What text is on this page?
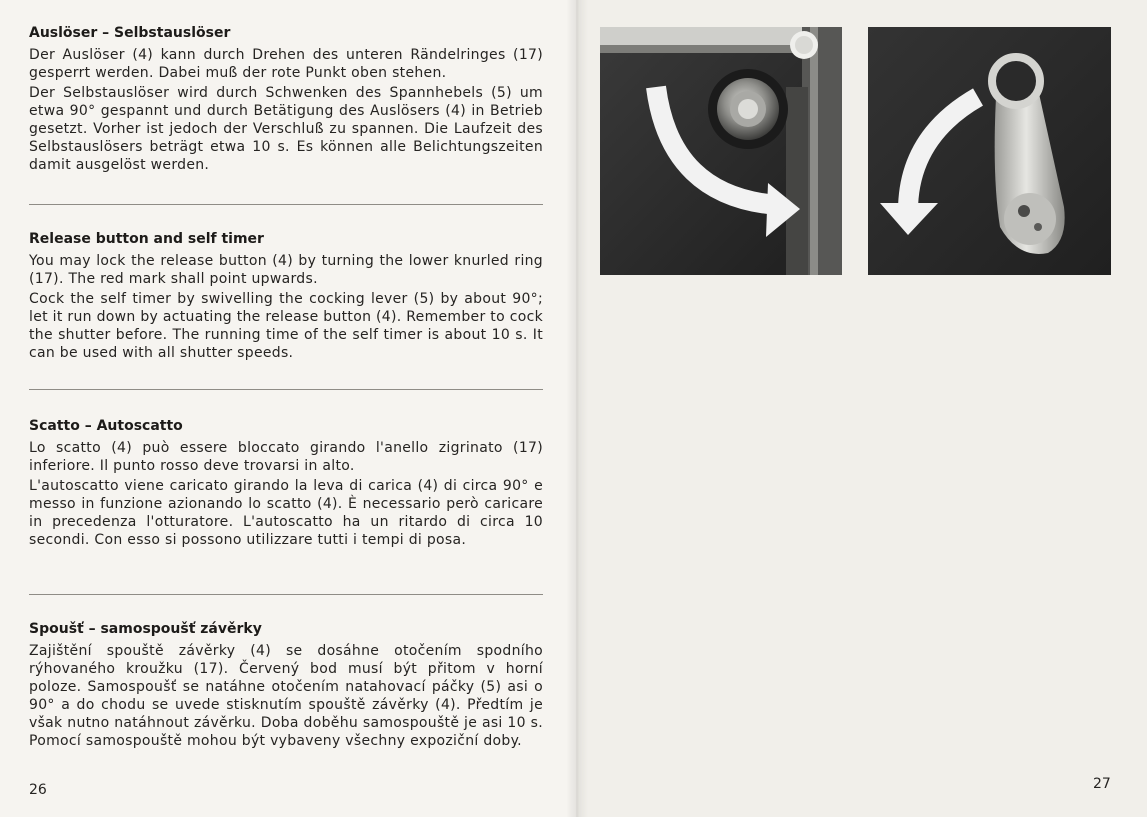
Auslöser – Selbstauslöser

Der Auslöser (4) kann durch Drehen des unteren Rändelringes (17) gesperrt werden. Dabei muß der rote Punkt oben stehen.

Der Selbstauslöser wird durch Schwenken des Spannhebels (5) um etwa 90° gespannt und durch Betätigung des Auslösers (4) in Betrieb gesetzt. Vorher ist jedoch der Verschluß zu spannen. Die Laufzeit des Selbstauslösers beträgt etwa 10 s. Es können alle Belichtungszeiten damit ausgelöst werden.

Release button and self timer

You may lock the release button (4) by turning the lower knurled ring (17). The red mark shall point upwards.

Cock the self timer by swivelling the cocking lever (5) by about 90°; let it run down by actuating the release button (4). Remember to cock the shutter before. The running time of the self timer is about 10 s. It can be used with all shutter speeds.

Scatto – Autoscatto

Lo scatto (4) può essere bloccato girando l'anello zigrinato (17) inferiore. Il punto rosso deve trovarsi in alto.

L'autoscatto viene caricato girando la leva di carica (4) di circa 90° e messo in funzione azionando lo scatto (4). È necessario però caricare in precedenza l'otturatore. L'autoscatto ha un ritardo di circa 10 secondi. Con esso si possono utilizzare tutti i tempi di posa.

Spoušť – samospoušť závěrky

Zajištění spouště závěrky (4) se dosáhne otočením spodního rýhovaného kroužku (17). Červený bod musí být přitom v horní poloze. Samospoušť se natáhne otočením natahovací páčky (5) asi o 90° a do chodu se uvede stisknutím spouště závěrky (4). Předtím je však nutno natáhnout závěrku. Doba doběhu samospouště je asi 10 s. Pomocí samospouště mohou být vybaveny všechny expoziční doby.

26	27
